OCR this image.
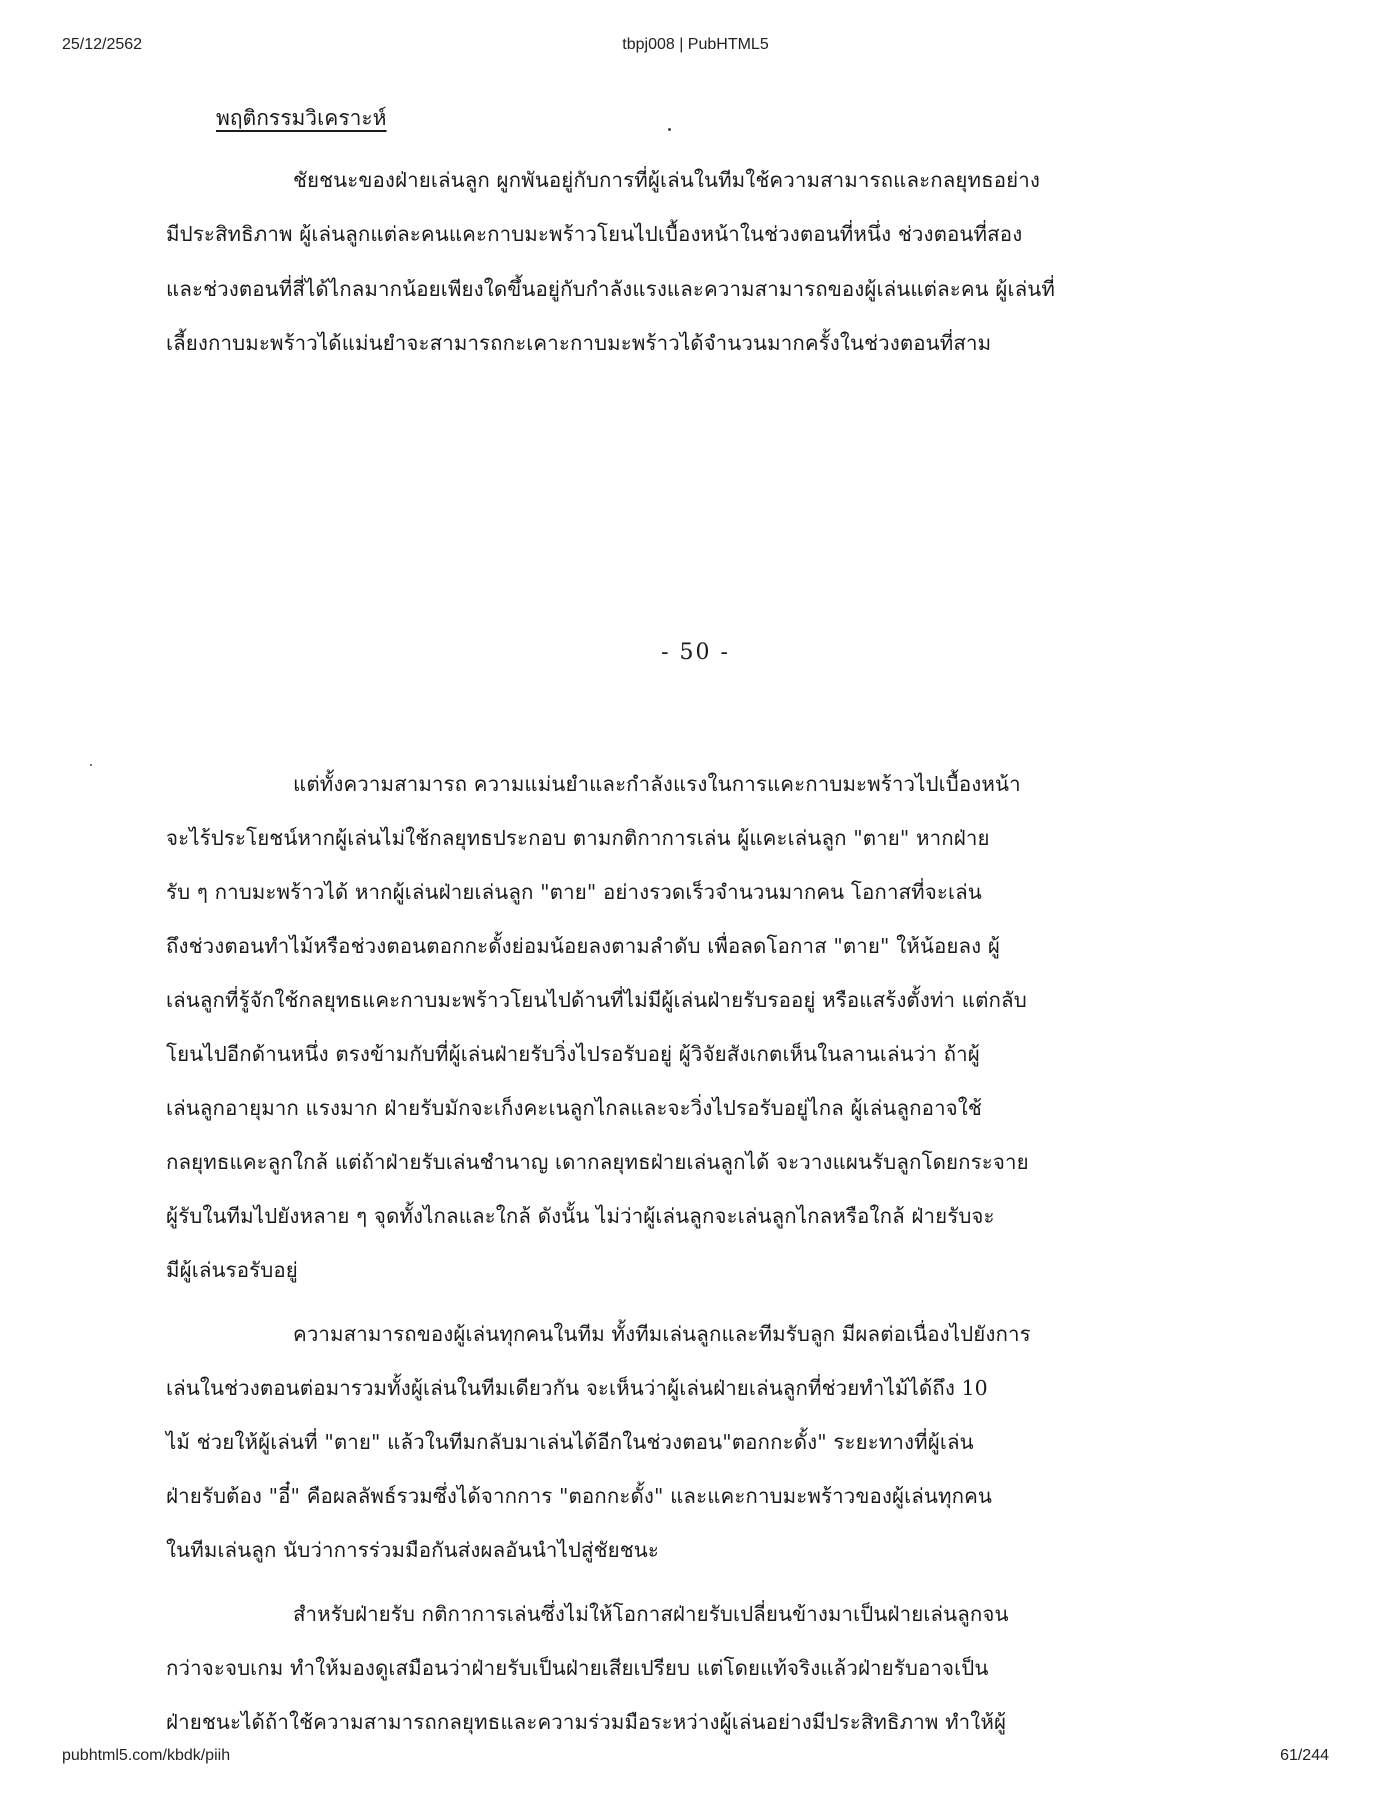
25/12/2562	tbpj008 | PubHTML5
pubhtml5.com/kbdk/piih	61/244
พฤติกรรมวิเคราะห์
ชัยชนะของฝ่ายเล่นลูก ผูกพันอยู่กับการที่ผู้เล่นในทีมใช้ความสามารถและกลยุทธอย่าง
มีประสิทธิภาพ ผู้เล่นลูกแต่ละคนแคะกาบมะพร้าวโยนไปเบื้องหน้าในช่วงตอนที่หนึ่ง ช่วงตอนที่สอง
และช่วงตอนที่สี่ได้ไกลมากน้อยเพียงใดขึ้นอยู่กับกำลังแรงและความสามารถของผู้เล่นแต่ละคน ผู้เล่นที่
เลี้ยงกาบมะพร้าวได้แม่นยำจะสามารถกะเคาะกาบมะพร้าวได้จำนวนมากครั้งในช่วงตอนที่สาม
- 50 -
แต่ทั้งความสามารถ ความแม่นยำและกำลังแรงในการแคะกาบมะพร้าวไปเบื้องหน้า
จะไร้ประโยชน์หากผู้เล่นไม่ใช้กลยุทธประกอบ ตามกติกาการเล่น ผู้แคะเล่นลูก "ตาย" หากฝ่าย
รับ ๆ กาบมะพร้าวได้ หากผู้เล่นฝ่ายเล่นลูก "ตาย" อย่างรวดเร็วจำนวนมากคน โอกาสที่จะเล่น
ถึงช่วงตอนทำไม้หรือช่วงตอนตอกกะดั้งย่อมน้อยลงตามลำดับ เพื่อลดโอกาส "ตาย" ให้น้อยลง ผู้
เล่นลูกที่รู้จักใช้กลยุทธแคะกาบมะพร้าวโยนไปด้านที่ไม่มีผู้เล่นฝ่ายรับรออยู่ หรือแสร้งตั้งท่า แต่กลับ
โยนไปอีกด้านหนึ่ง ตรงข้ามกับที่ผู้เล่นฝ่ายรับวิ่งไปรอรับอยู่ ผู้วิจัยสังเกตเห็นในลานเล่นว่า ถ้าผู้
เล่นลูกอายุมาก แรงมาก ฝ่ายรับมักจะเก็งคะเนลูกไกลและจะวิ่งไปรอรับอยู่ไกล ผู้เล่นลูกอาจใช้
กลยุทธแคะลูกใกล้ แต่ถ้าฝ่ายรับเล่นชำนาญ เดากลยุทธฝ่ายเล่นลูกได้ จะวางแผนรับลูกโดยกระจาย
ผู้รับในทีมไปยังหลาย ๆ จุดทั้งไกลและใกล้ ดังนั้น ไม่ว่าผู้เล่นลูกจะเล่นลูกไกลหรือใกล้ ฝ่ายรับจะ
มีผู้เล่นรอรับอยู่
ความสามารถของผู้เล่นทุกคนในทีม ทั้งทีมเล่นลูกและทีมรับลูก มีผลต่อเนื่องไปยังการ
เล่นในช่วงตอนต่อมารวมทั้งผู้เล่นในทีมเดียวกัน จะเห็นว่าผู้เล่นฝ่ายเล่นลูกที่ช่วยทำไม้ได้ถึง 10
ไม้ ช่วยให้ผู้เล่นที่ "ตาย" แล้วในทีมกลับมาเล่นได้อีกในช่วงตอน"ตอกกะดั้ง" ระยะทางที่ผู้เล่น
ฝ่ายรับต้อง "อี๋" คือผลลัพธ์รวมซึ่งได้จากการ "ตอกกะดั้ง" และแคะกาบมะพร้าวของผู้เล่นทุกคน
ในทีมเล่นลูก นับว่าการร่วมมือกันส่งผลอันนำไปสู่ชัยชนะ
สำหรับฝ่ายรับ กติกาการเล่นซึ่งไม่ให้โอกาสฝ่ายรับเปลี่ยนข้างมาเป็นฝ่ายเล่นลูกจน
กว่าจะจบเกม ทำให้มองดูเสมือนว่าฝ่ายรับเป็นฝ่ายเสียเปรียบ แต่โดยแท้จริงแล้วฝ่ายรับอาจเป็น
ฝ่ายชนะได้ถ้าใช้ความสามารถกลยุทธและความร่วมมือระหว่างผู้เล่นอย่างมีประสิทธิภาพ ทำให้ผู้
